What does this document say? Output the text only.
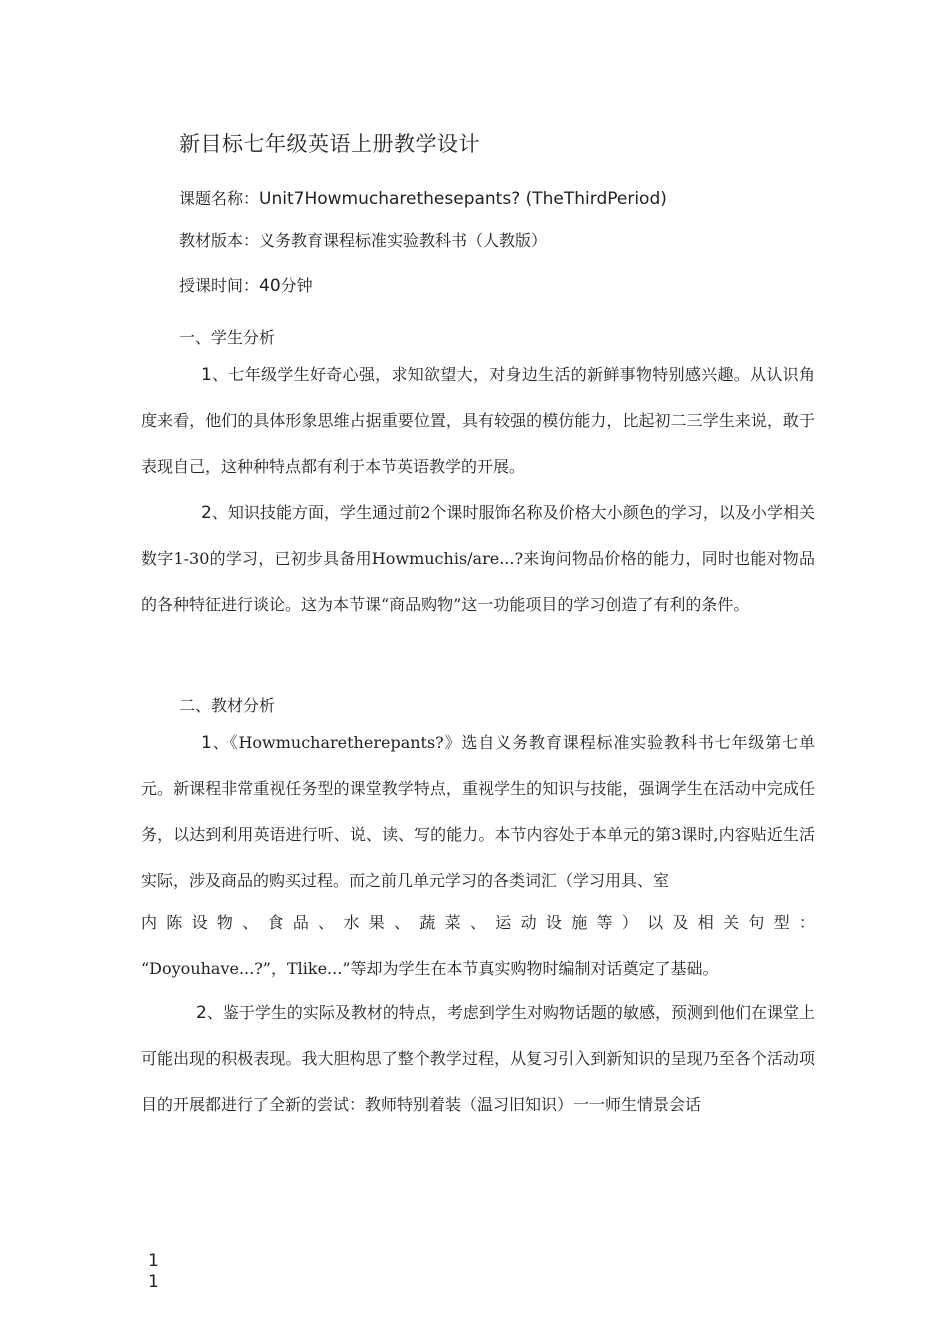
新目标七年级英语上册教学设计
课题名称：Unit7Howmucharethesepants? (TheThirdPeriod)
教材版本：义务教育课程标准实验教科书（人教版）
授课时间：40分钟
一、学生分析
1、七年级学生好奇心强，求知欲望大，对身边生活的新鲜事物特别感兴趣。从认识角度来看，他们的具体形象思维占据重要位置，具有较强的模仿能力，比起初二三学生来说，敢于表现自己，这种种特点都有利于本节英语教学的开展。
2、知识技能方面，学生通过前2个课时服饰名称及价格大小颜色的学习，以及小学相关数字1-30的学习，已初步具备用Howmuchis/are...?来询问物品价格的能力，同时也能对物品的各种特征进行谈论。这为本节课“商品购物”这一功能项目的学习创造了有利的条件。
二、教材分析
1、《Howmucharetherepants?》选自义务教育课程标准实验教科书七年级第七单元。新课程非常重视任务型的课堂教学特点，重视学生的知识与技能，强调学生在活动中完成任务，以达到利用英语进行听、说、读、写的能力。本节内容处于本单元的第3课时,内容贴近生活实际，涉及商品的购买过程。而之前几单元学习的各类词汇（学习用具、室
内陈设物、食品、水果、蔬菜、运动设施等）以及相关句型：
“Doyouhave...?”，Tlike...”等却为学生在本节真实购物时编制对话奠定了基础。
2、鉴于学生的实际及教材的特点，考虑到学生对购物话题的敏感，预测到他们在课堂上可能出现的积极表现。我大胆构思了整个教学过程，从复习引入到新知识的呈现乃至各个活动项目的开展都进行了全新的尝试：教师特别着装（温习旧知识）一一师生情景会话
1
1
